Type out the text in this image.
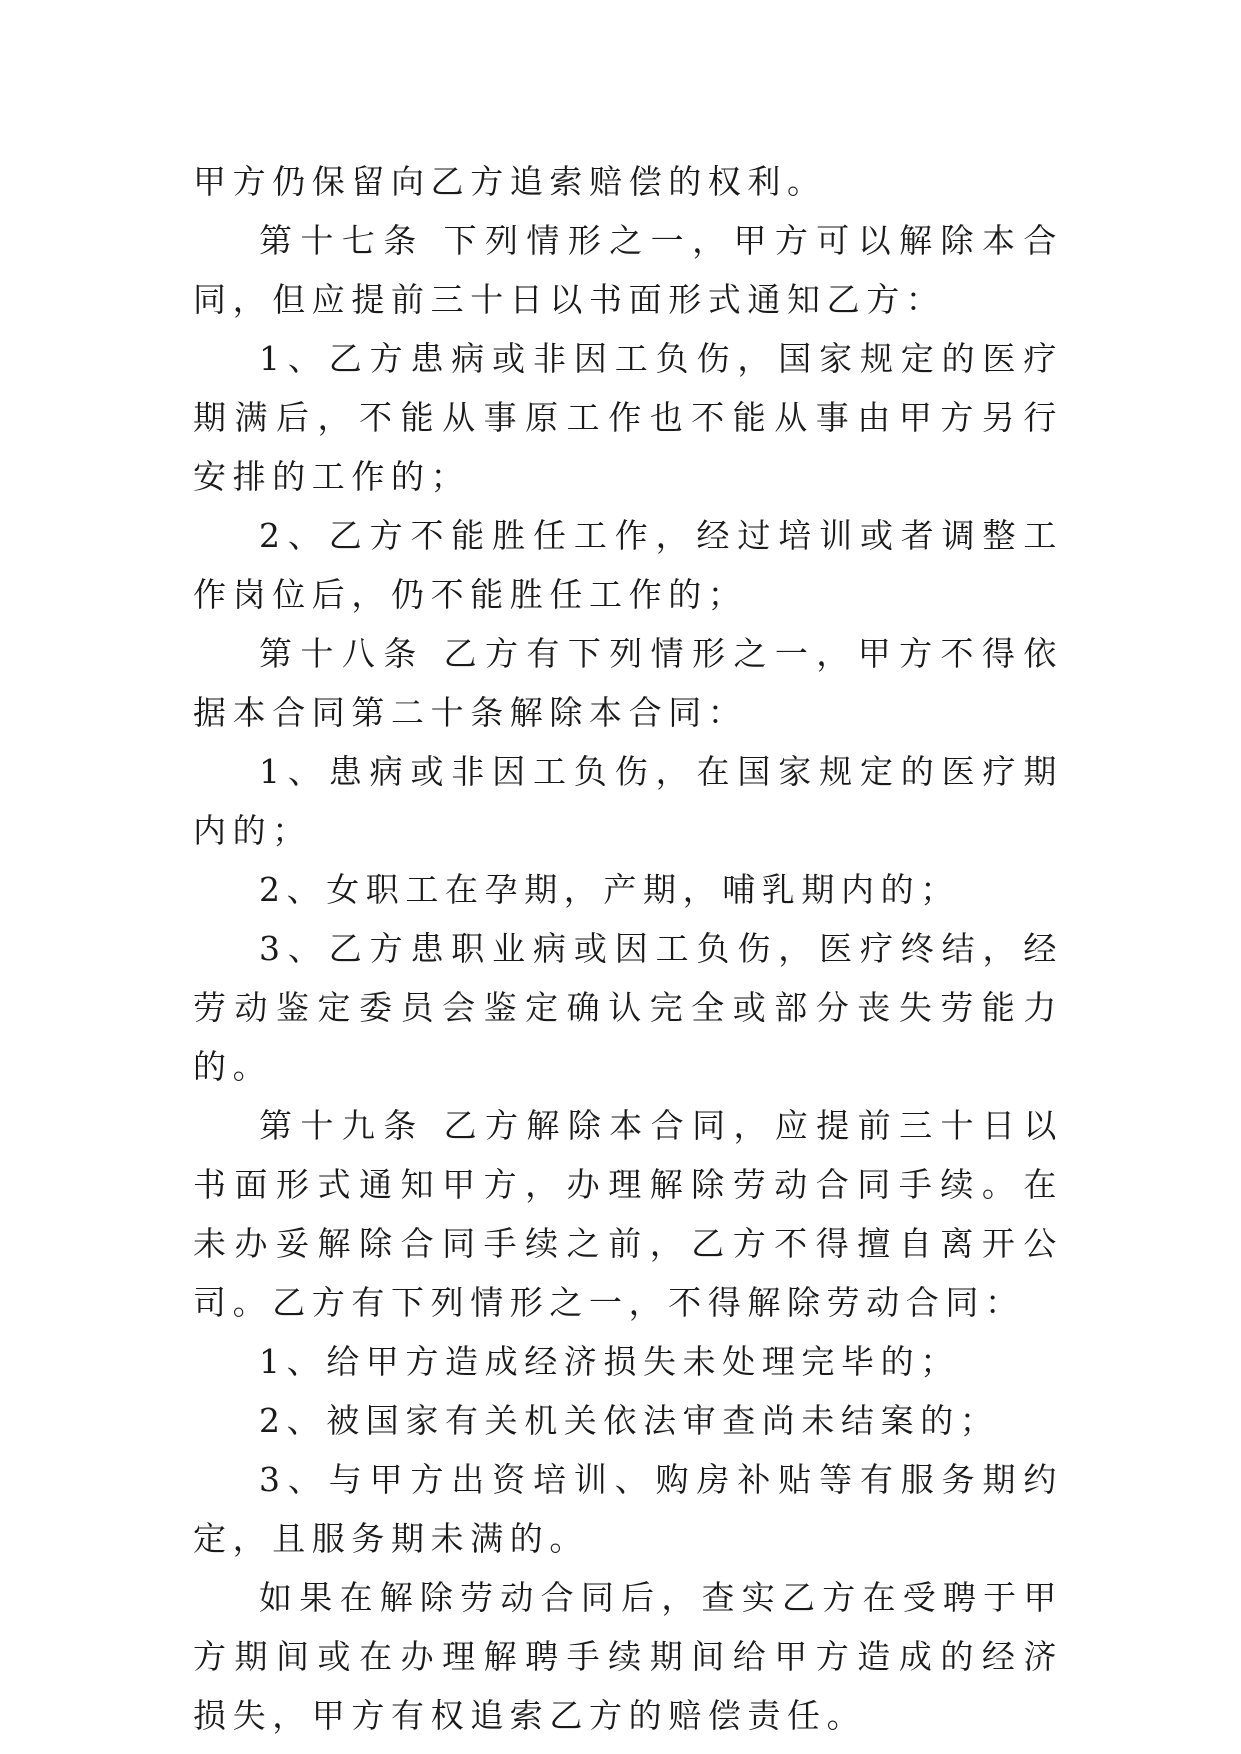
甲方仍保留向乙方追索赔偿的权利。

第十七条 下列情形之一，甲方可以解除本合同，但应提前三十日以书面形式通知乙方：

1、乙方患病或非因工负伤，国家规定的医疗期满后，不能从事原工作也不能从事由甲方另行安排的工作的；

2、乙方不能胜任工作，经过培训或者调整工作岗位后，仍不能胜任工作的；

第十八条 乙方有下列情形之一，甲方不得依据本合同第二十条解除本合同：

1、患病或非因工负伤，在国家规定的医疗期内的；

2、女职工在孕期，产期，哺乳期内的；

3、乙方患职业病或因工负伤，医疗终结，经劳动鉴定委员会鉴定确认完全或部分丧失劳能力的。

第十九条 乙方解除本合同，应提前三十日以书面形式通知甲方，办理解除劳动合同手续。在未办妥解除合同手续之前，乙方不得擅自离开公司。乙方有下列情形之一，不得解除劳动合同：

1、给甲方造成经济损失未处理完毕的；

2、被国家有关机关依法审查尚未结案的；

3、与甲方出资培训、购房补贴等有服务期约定，且服务期未满的。

如果在解除劳动合同后，查实乙方在受聘于甲方期间或在办理解聘手续期间给甲方造成的经济损失，甲方有权追索乙方的赔偿责任。
